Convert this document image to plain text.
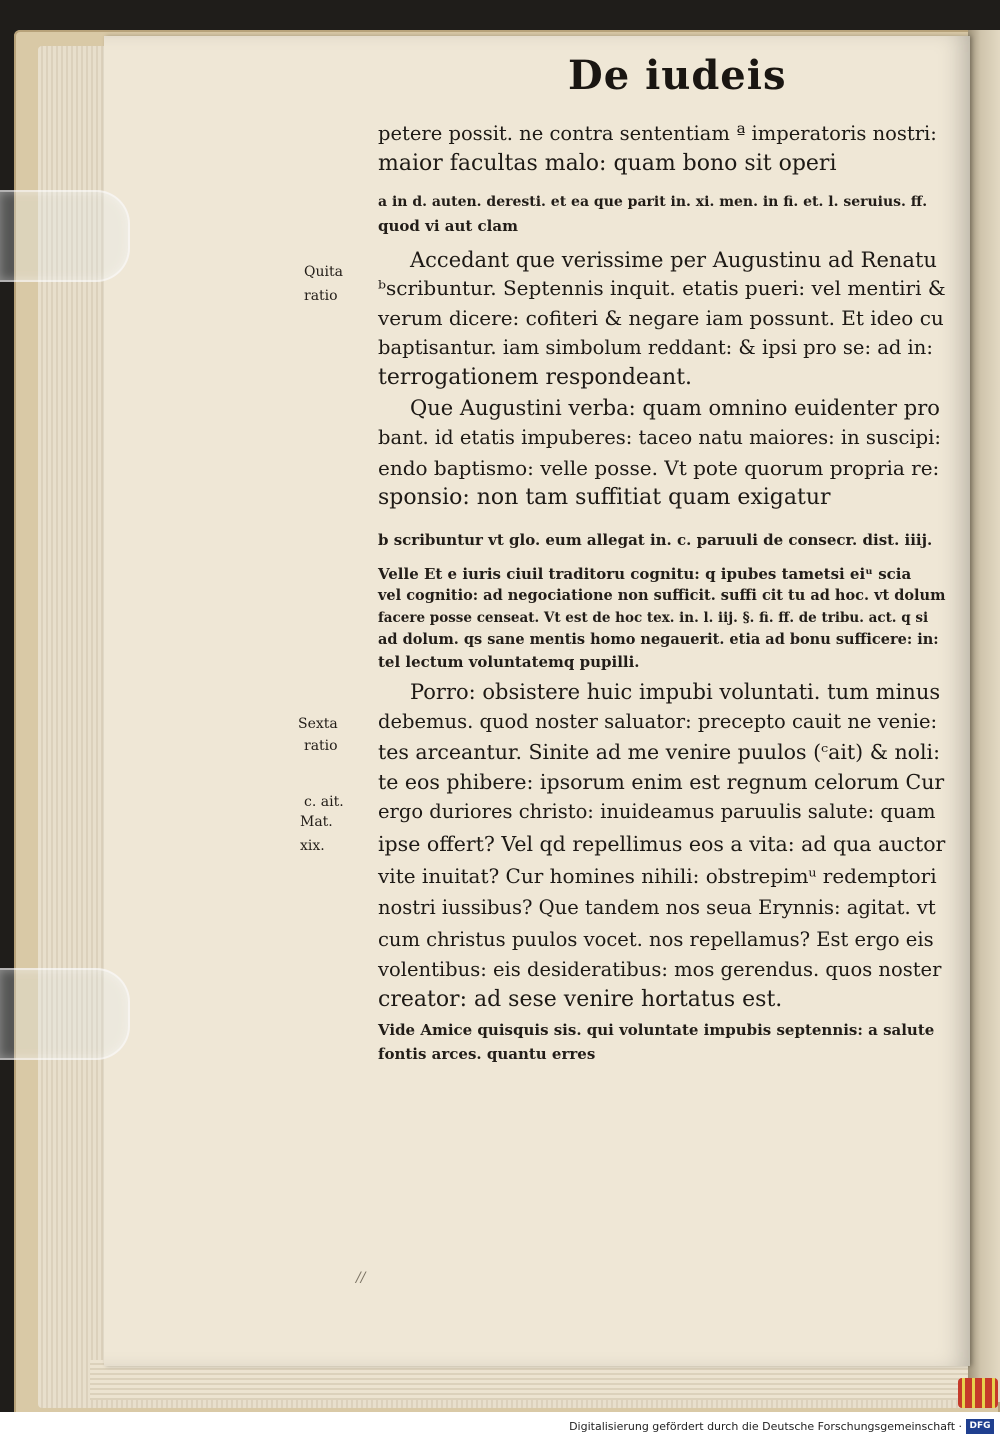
De iudeis
petere possit. ne contra sententiam ª imperatoris nostri:
maior facultas malo: quam bono sit operi
a in d. auten. deresti. et ea que parit in. xi. men. in fi. et. l. seruius. ff.
quod vi aut clam
Accedant que verissime per Augustinu ad Renatu
ᵇscribuntur. Septennis inquit. etatis pueri: vel mentiri &
verum dicere: cofiteri & negare iam possunt. Et ideo cu
baptisantur. iam simbolum reddant: & ipsi pro se: ad in:
terrogationem respondeant.
Que Augustini verba: quam omnino euidenter pro
bant. id etatis impuberes: taceo natu maiores: in suscipi:
endo baptismo: velle posse. Vt pote quorum propria re:
sponsio: non tam suffitiat quam exigatur
b scribuntur vt glo. eum allegat in. c. paruuli de consecr. dist. iiij.
Velle Et e iuris ciuil traditoru cognitu: q ipubes tametsi eiᵘ scia
vel cognitio: ad negociatione non sufficit. suffi cit tu ad hoc. vt dolum
facere posse censeat. Vt est de hoc tex. in. l. iij. §. fi. ff. de tribu. act. q si
ad dolum. qs sane mentis homo negauerit. etia ad bonu sufficere: in:
tel lectum voluntatemq pupilli.
Porro: obsistere huic impubi voluntati. tum minus
debemus. quod noster saluator: precepto cauit ne venie:
tes arceantur. Sinite ad me venire puulos (ᶜait) & noli:
te eos phibere: ipsorum enim est regnum celorum Cur
ergo duriores christo: inuideamus paruulis salute: quam
ipse offert? Vel qd repellimus eos a vita: ad qua auctor
vite inuitat? Cur homines nihili: obstrepimᵘ redemptori
nostri iussibus? Que tandem nos seua Erynnis: agitat. vt
cum christus puulos vocet. nos repellamus? Est ergo eis
volentibus: eis desideratibus: mos gerendus. quos noster
creator: ad sese venire hortatus est.
Vide Amice quisquis sis. qui voluntate impubis septennis: a salute
fontis arces. quantu erres
Quita
ratio
Sexta
ratio
c. ait.
Mat.
xix.
//
Digitalisierung gefördert durch die Deutsche Forschungsgemeinschaft · DFG
